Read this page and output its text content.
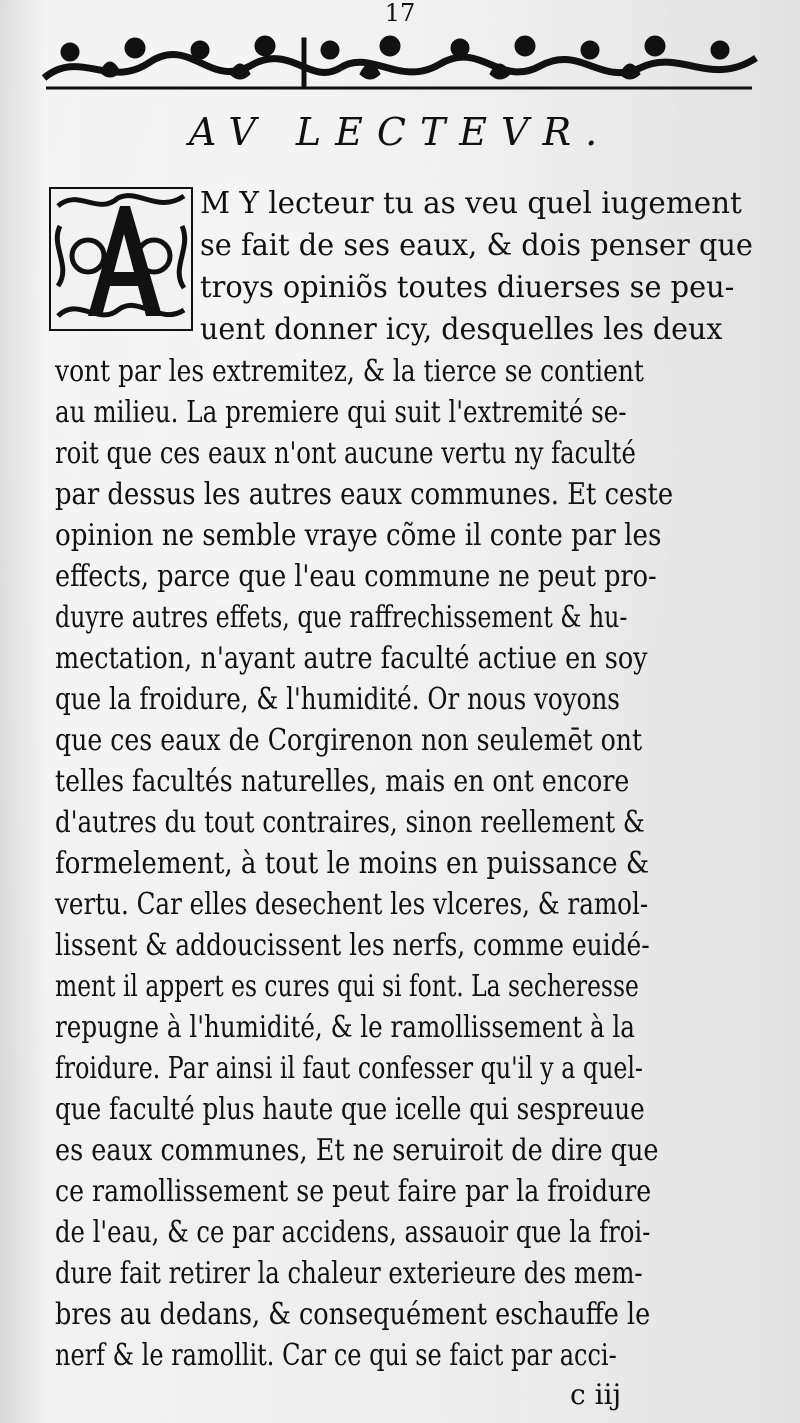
17
AV LECTEVR.
M Y lecteur tu as veu quel iugement
se fait de ses eaux, & dois penser que
troys opiniõs toutes diuerses se peu-
uent donner icy, desquelles les deux
vont par les extremitez, & la tierce se contient
au milieu. La premiere qui suit l'extremité se-
roit que ces eaux n'ont aucune vertu ny faculté
par dessus les autres eaux communes. Et ceste
opinion ne semble vraye cõme il conte par les
effects, parce que l'eau commune ne peut pro-
duyre autres effets, que raffrechissement & hu-
mectation, n'ayant autre faculté actiue en soy
que la froidure, & l'humidité. Or nous voyons
que ces eaux de Corgirenon non seulemēt ont
telles facultés naturelles, mais en ont encore
d'autres du tout contraires, sinon reellement &
formelement, à tout le moins en puissance &
vertu. Car elles desechent les vlceres, & ramol-
lissent & addoucissent les nerfs, comme euidé-
ment il appert es cures qui si font. La secheresse
repugne à l'humidité, & le ramollissement à la
froidure. Par ainsi il faut confesser qu'il y a quel-
que faculté plus haute que icelle qui sespreuue
es eaux communes, Et ne seruiroit de dire que
ce ramollissement se peut faire par la froidure
de l'eau, & ce par accidens, assauoir que la froi-
dure fait retirer la chaleur exterieure des mem-
bres au dedans, & consequément eschauffe le
nerf & le ramollit. Car ce qui se faict par acci-
c iij
